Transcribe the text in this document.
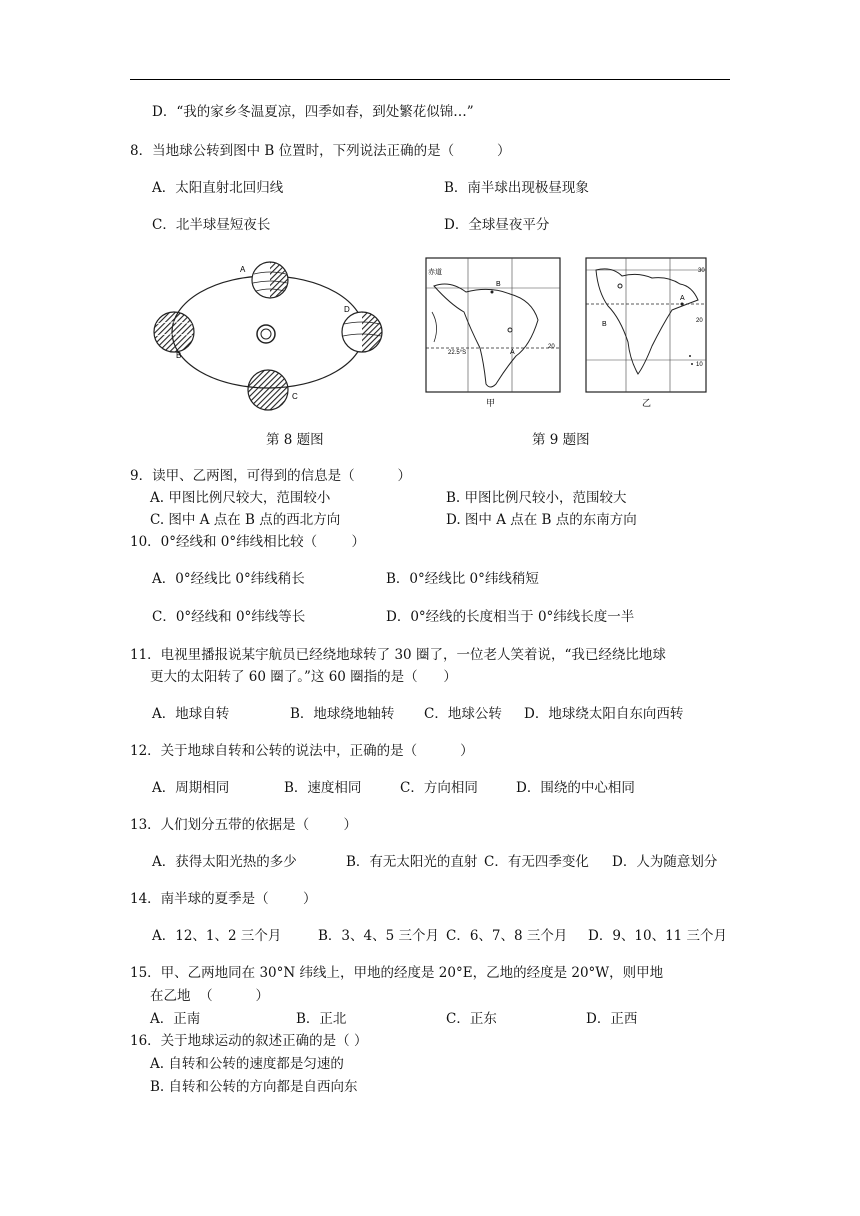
D．“我的家乡冬温夏凉，四季如春，到处繁花似锦…”
8．当地球公转到图中 B 位置时，下列说法正确的是（          ）
A．太阳直射北回归线	B．南半球出现极昼现象
C．北半球昼短夜长	D．全球昼夜平分
A
B
C
D
赤道
22.5°S	A
B
20
甲
30
20
10
B
A
乙
第 8 题图	第 9 题图
9．读甲、乙两图，可得到的信息是（          ）
A. 甲图比例尺较大，范围较小	B. 甲图比例尺较小，范围较大
C. 图中 A 点在 B 点的西北方向	D. 图中 A 点在 B 点的东南方向
10．0°经线和 0°纬线相比较（        ）
A．0°经线比 0°纬线稍长	B．0°经线比 0°纬线稍短
C．0°经线和 0°纬线等长	D．0°经线的长度相当于 0°纬线长度一半
11．电视里播报说某宇航员已经绕地球转了 30 圈了，一位老人笑着说，“我已经绕比地球
更大的太阳转了 60 圈了。”这 60 圈指的是（      ）
A．地球自转	B．地球绕地轴转 C．地球公转 D．地球绕太阳自东向西转
12．关于地球自转和公转的说法中，正确的是（          ）
A．周期相同	B．速度相同	C．方向相同	D．围绕的中心相同
13．人们划分五带的依据是（        ）
A．获得太阳光热的多少	B．有无太阳光的直射 C．有无四季变化 D．人为随意划分
14．南半球的夏季是（        ）
A．12、1、2 三个月	B．3、4、5 三个月 C．6、7、8 三个月 D．9、10、11 三个月
15．甲、乙两地同在 30°N 纬线上，甲地的经度是 20°E，乙地的经度是 20°W，则甲地
在乙地  （          ）
A．正南	B．正北	C．正东	D．正西
16．关于地球运动的叙述正确的是（ ）
A. 自转和公转的速度都是匀速的
B. 自转和公转的方向都是自西向东
